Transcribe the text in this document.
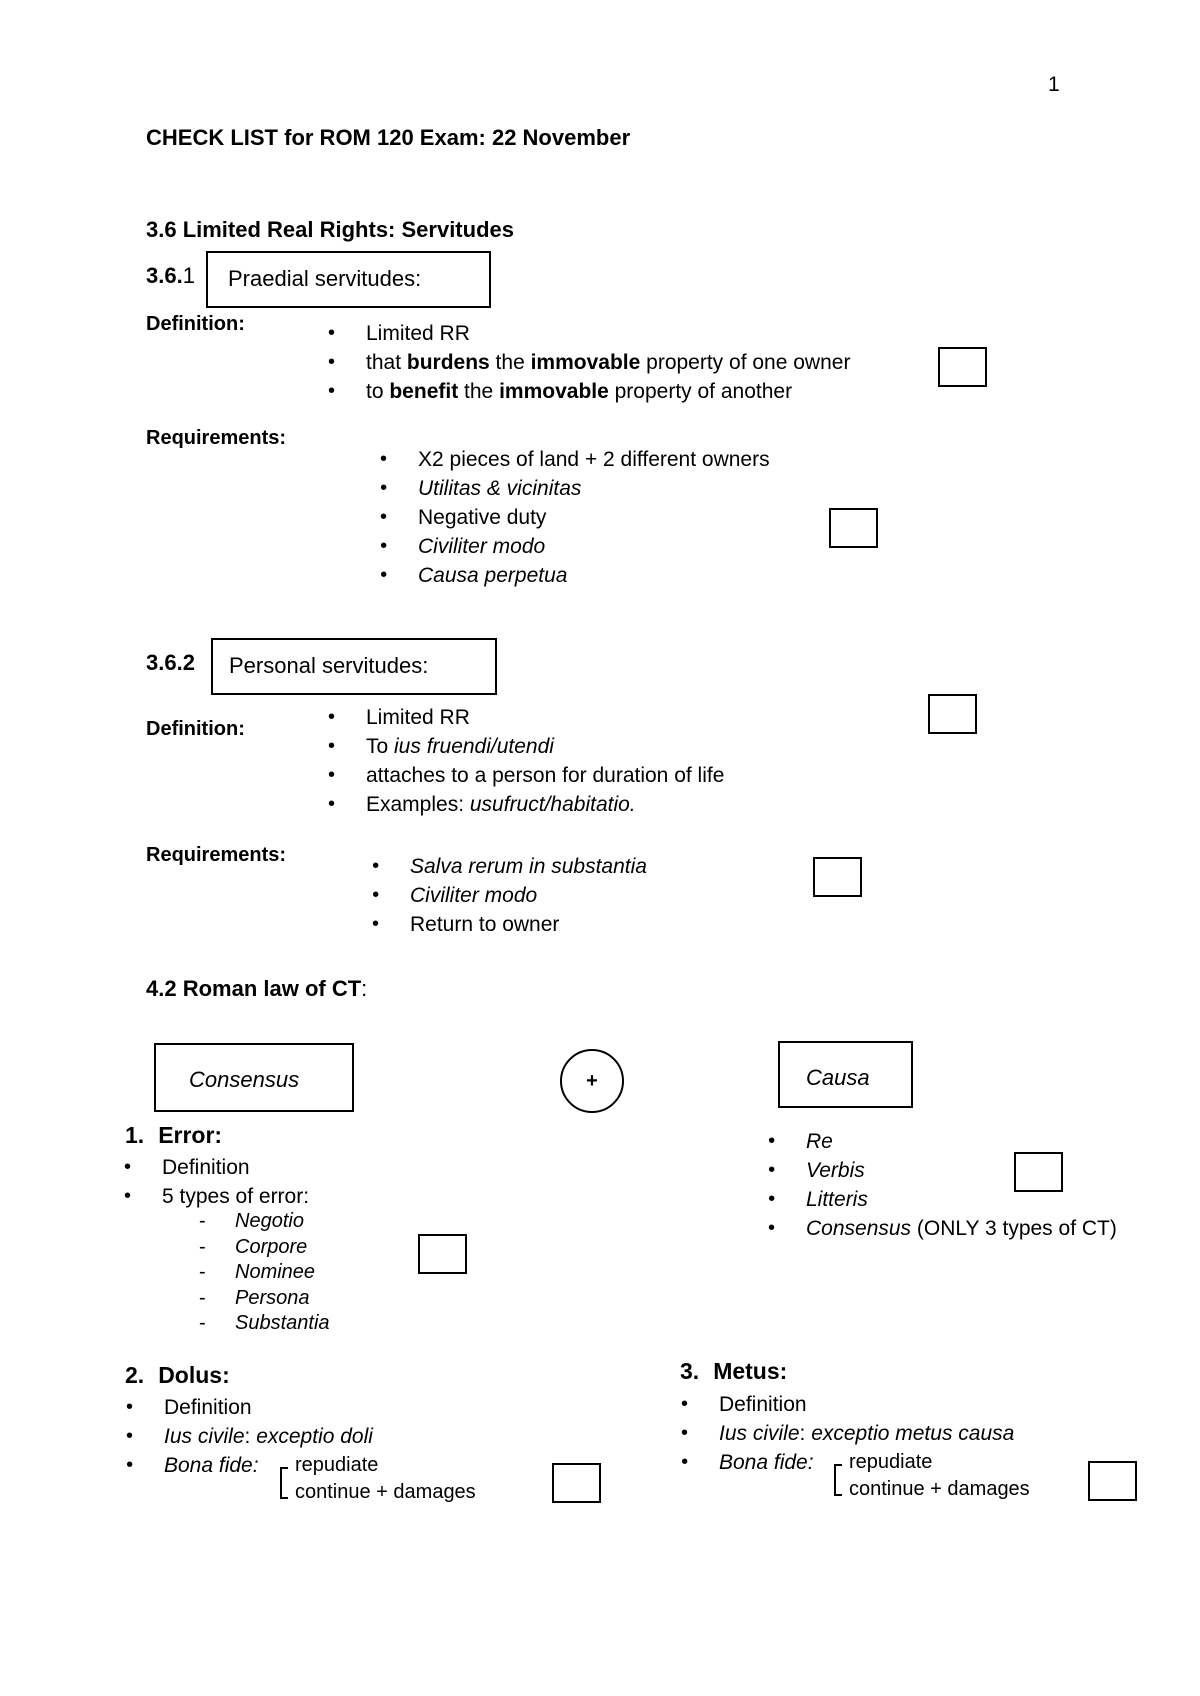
1
CHECK LIST for ROM 120 Exam: 22 November
3.6 Limited Real Rights: Servitudes
3.6.1	Praedial servitudes:
Definition:	• Limited RR
• that burdens the immovable property of one owner
• to benefit the immovable property of another
Requirements:
• X2 pieces of land + 2 different owners
• Utilitas & vicinitas
• Negative duty
• Civiliter modo
• Causa perpetua
3.6.2	Personal servitudes:
Definition:	• Limited RR
• To ius fruendi/utendi
• attaches to a person for duration of life
• Examples: usufruct/habitatio.
Requirements:	• Salva rerum in substantia
• Civiliter modo
• Return to owner
4.2 Roman law of CT:
Consensus	+	Causa
1. Error:
• Definition
• 5 types of error:
- Negotio
- Corpore
- Nominee
- Persona
- Substantia
• Re
• Verbis
• Litteris
• Consensus (ONLY 3 types of CT)
2. Dolus:
• Definition
• Ius civile: exceptio doli
• Bona fide:	repudiate
continue + damages
3. Metus:
• Definition
• Ius civile: exceptio metus causa
• Bona fide:	repudiate
continue + damages
